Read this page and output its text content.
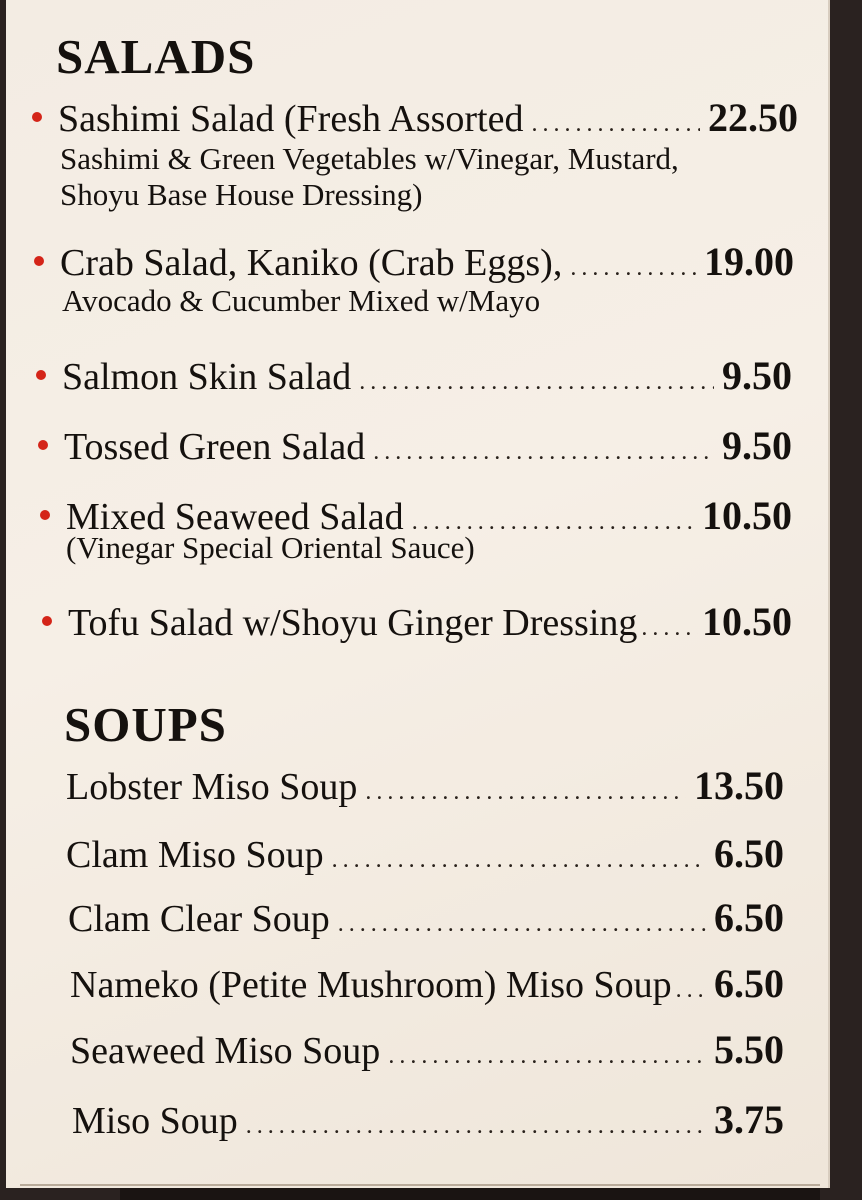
SALADS
Sashimi Salad (Fresh Assorted .....	22.50
Sashimi & Green Vegetables w/Vinegar, Mustard,
Shoyu Base House Dressing)
Crab Salad, Kaniko (Crab Eggs), .....	19.00
Avocado & Cucumber Mixed w/Mayo
Salmon Skin Salad .....	9.50
Tossed Green Salad .....	9.50
Mixed Seaweed Salad .....	10.50
(Vinegar Special Oriental Sauce)
Tofu Salad w/Shoyu Ginger Dressing ..... 10.50
SOUPS
Lobster Miso Soup .....	13.50
Clam Miso Soup .....	6.50
Clam Clear Soup .....	6.50
Nameko (Petite Mushroom) Miso Soup ..... 6.50
Seaweed Miso Soup .....	5.50
Miso Soup .....	3.75
